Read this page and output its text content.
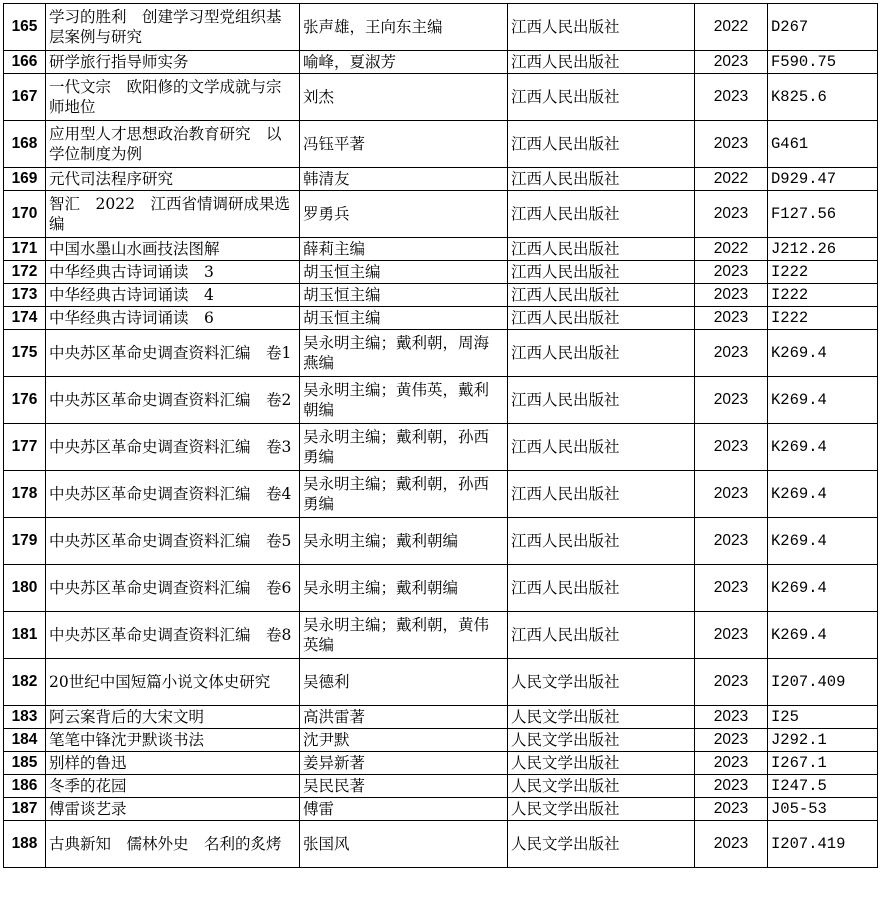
165	学习的胜利　创建学习型党组织基层案例与研究	张声雄，王向东主编	江西人民出版社	2022	D267
166	研学旅行指导师实务	喻峰，夏淑芳	江西人民出版社	2023	F590.75
167	一代文宗　欧阳修的文学成就与宗师地位	刘杰	江西人民出版社	2023	K825.6
168	应用型人才思想政治教育研究　以学位制度为例	冯钰平著	江西人民出版社	2023	G461
169	元代司法程序研究	韩清友	江西人民出版社	2022	D929.47
170	智汇　2022　江西省情调研成果选编	罗勇兵	江西人民出版社	2023	F127.56
171	中国水墨山水画技法图解	薛莉主编	江西人民出版社	2022	J212.26
172	中华经典古诗词诵读　3	胡玉恒主编	江西人民出版社	2023	I222
173	中华经典古诗词诵读　4	胡玉恒主编	江西人民出版社	2023	I222
174	中华经典古诗词诵读　6	胡玉恒主编	江西人民出版社	2023	I222
175	中央苏区革命史调查资料汇编　卷1	吴永明主编；戴利朝，周海燕编	江西人民出版社	2023	K269.4
176	中央苏区革命史调查资料汇编　卷2	吴永明主编；黄伟英，戴利朝编	江西人民出版社	2023	K269.4
177	中央苏区革命史调查资料汇编　卷3	吴永明主编；戴利朝，孙西勇编	江西人民出版社	2023	K269.4
178	中央苏区革命史调查资料汇编　卷4	吴永明主编；戴利朝，孙西勇编	江西人民出版社	2023	K269.4
179	中央苏区革命史调查资料汇编　卷5	吴永明主编；戴利朝编	江西人民出版社	2023	K269.4
180	中央苏区革命史调查资料汇编　卷6	吴永明主编；戴利朝编	江西人民出版社	2023	K269.4
181	中央苏区革命史调查资料汇编　卷8	吴永明主编；戴利朝，黄伟英编	江西人民出版社	2023	K269.4
182	20世纪中国短篇小说文体史研究	吴德利	人民文学出版社	2023	I207.409
183	阿云案背后的大宋文明	高洪雷著	人民文学出版社	2023	I25
184	笔笔中锋沈尹默谈书法	沈尹默	人民文学出版社	2023	J292.1
185	别样的鲁迅	姜异新著	人民文学出版社	2023	I267.1
186	冬季的花园	吴民民著	人民文学出版社	2023	I247.5
187	傅雷谈艺录	傅雷	人民文学出版社	2023	J05-53
188	古典新知　儒林外史　名利的炙烤	张国风	人民文学出版社	2023	I207.419
